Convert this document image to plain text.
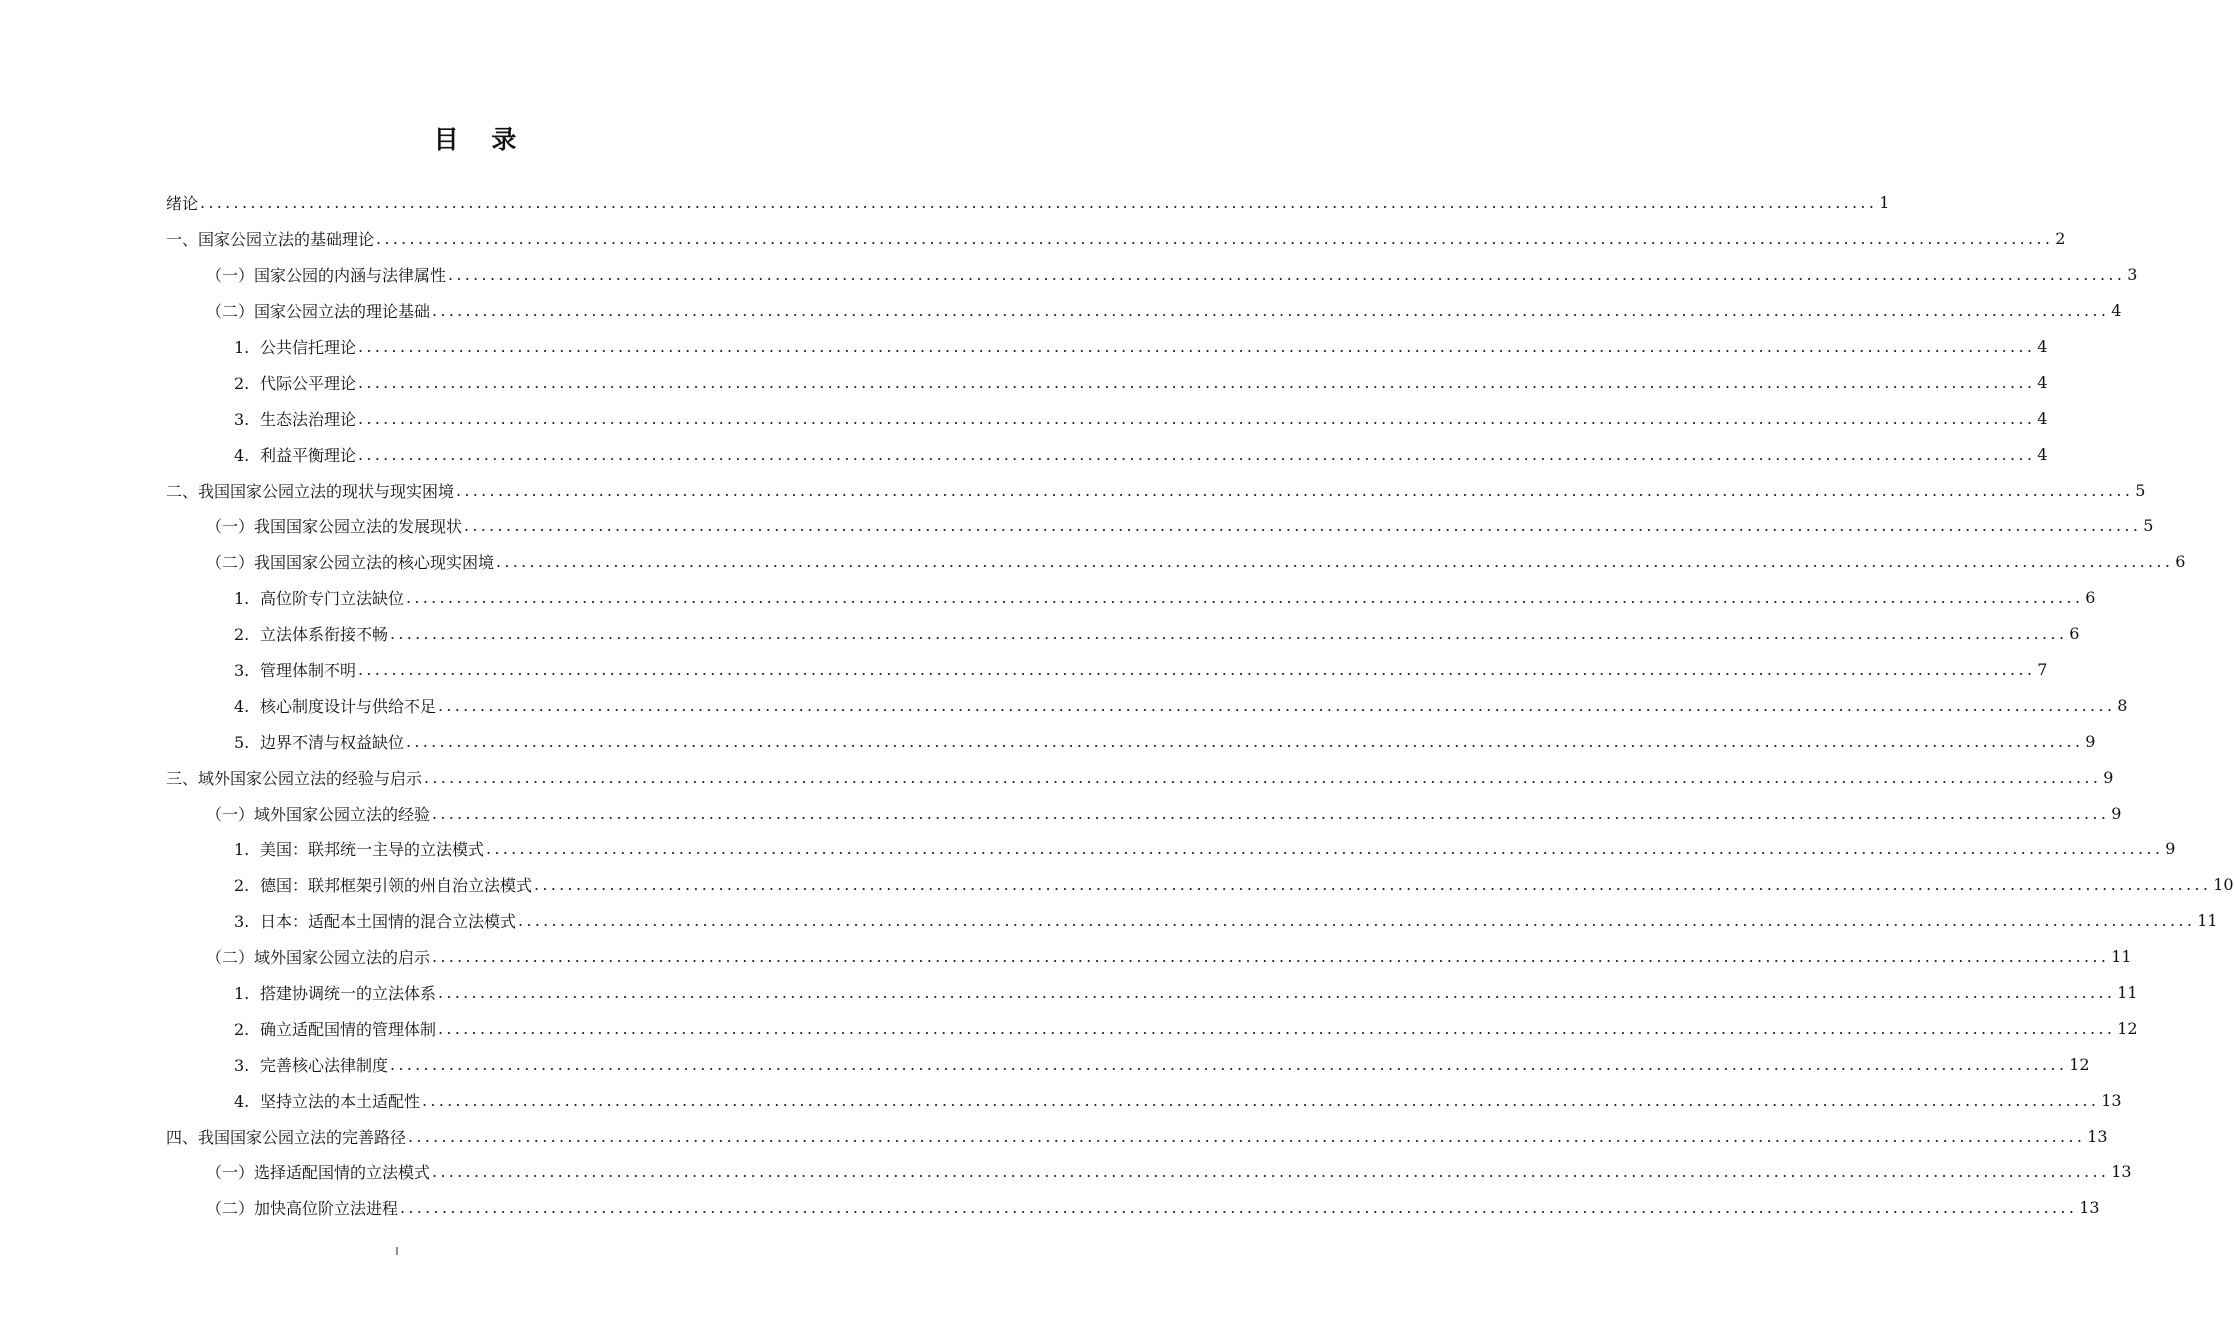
目 录
绪论 ........................................................................................................................................................................................................ 1
一、国家公园立法的基础理论 ........................................................................................................................................................................................................ 2
（一）国家公园的内涵与法律属性 ........................................................................................................................................................................................................ 3
（二）国家公园立法的理论基础 ........................................................................................................................................................................................................ 4
1. 公共信托理论 ........................................................................................................................................................................................................ 4
2. 代际公平理论 ........................................................................................................................................................................................................ 4
3. 生态法治理论 ........................................................................................................................................................................................................ 4
4. 利益平衡理论 ........................................................................................................................................................................................................ 4
二、我国国家公园立法的现状与现实困境 ........................................................................................................................................................................................................ 5
（一）我国国家公园立法的发展现状 ........................................................................................................................................................................................................ 5
（二）我国国家公园立法的核心现实困境 ........................................................................................................................................................................................................ 6
1. 高位阶专门立法缺位 ........................................................................................................................................................................................................ 6
2. 立法体系衔接不畅 ........................................................................................................................................................................................................ 6
3. 管理体制不明 ........................................................................................................................................................................................................ 7
4. 核心制度设计与供给不足 ........................................................................................................................................................................................................ 8
5. 边界不清与权益缺位 ........................................................................................................................................................................................................ 9
三、域外国家公园立法的经验与启示 ........................................................................................................................................................................................................ 9
（一）域外国家公园立法的经验 ........................................................................................................................................................................................................ 9
1. 美国：联邦统一主导的立法模式 ........................................................................................................................................................................................................ 9
2. 德国：联邦框架引领的州自治立法模式 ........................................................................................................................................................................................................ 10
3. 日本：适配本土国情的混合立法模式 ........................................................................................................................................................................................................ 11
（二）域外国家公园立法的启示 ........................................................................................................................................................................................................ 11
1. 搭建协调统一的立法体系 ........................................................................................................................................................................................................ 11
2. 确立适配国情的管理体制 ........................................................................................................................................................................................................ 12
3. 完善核心法律制度 ........................................................................................................................................................................................................ 12
4. 坚持立法的本土适配性 ........................................................................................................................................................................................................ 13
四、我国国家公园立法的完善路径 ........................................................................................................................................................................................................ 13
（一）选择适配国情的立法模式 ........................................................................................................................................................................................................ 13
（二）加快高位阶立法进程 ........................................................................................................................................................................................................ 13
I
